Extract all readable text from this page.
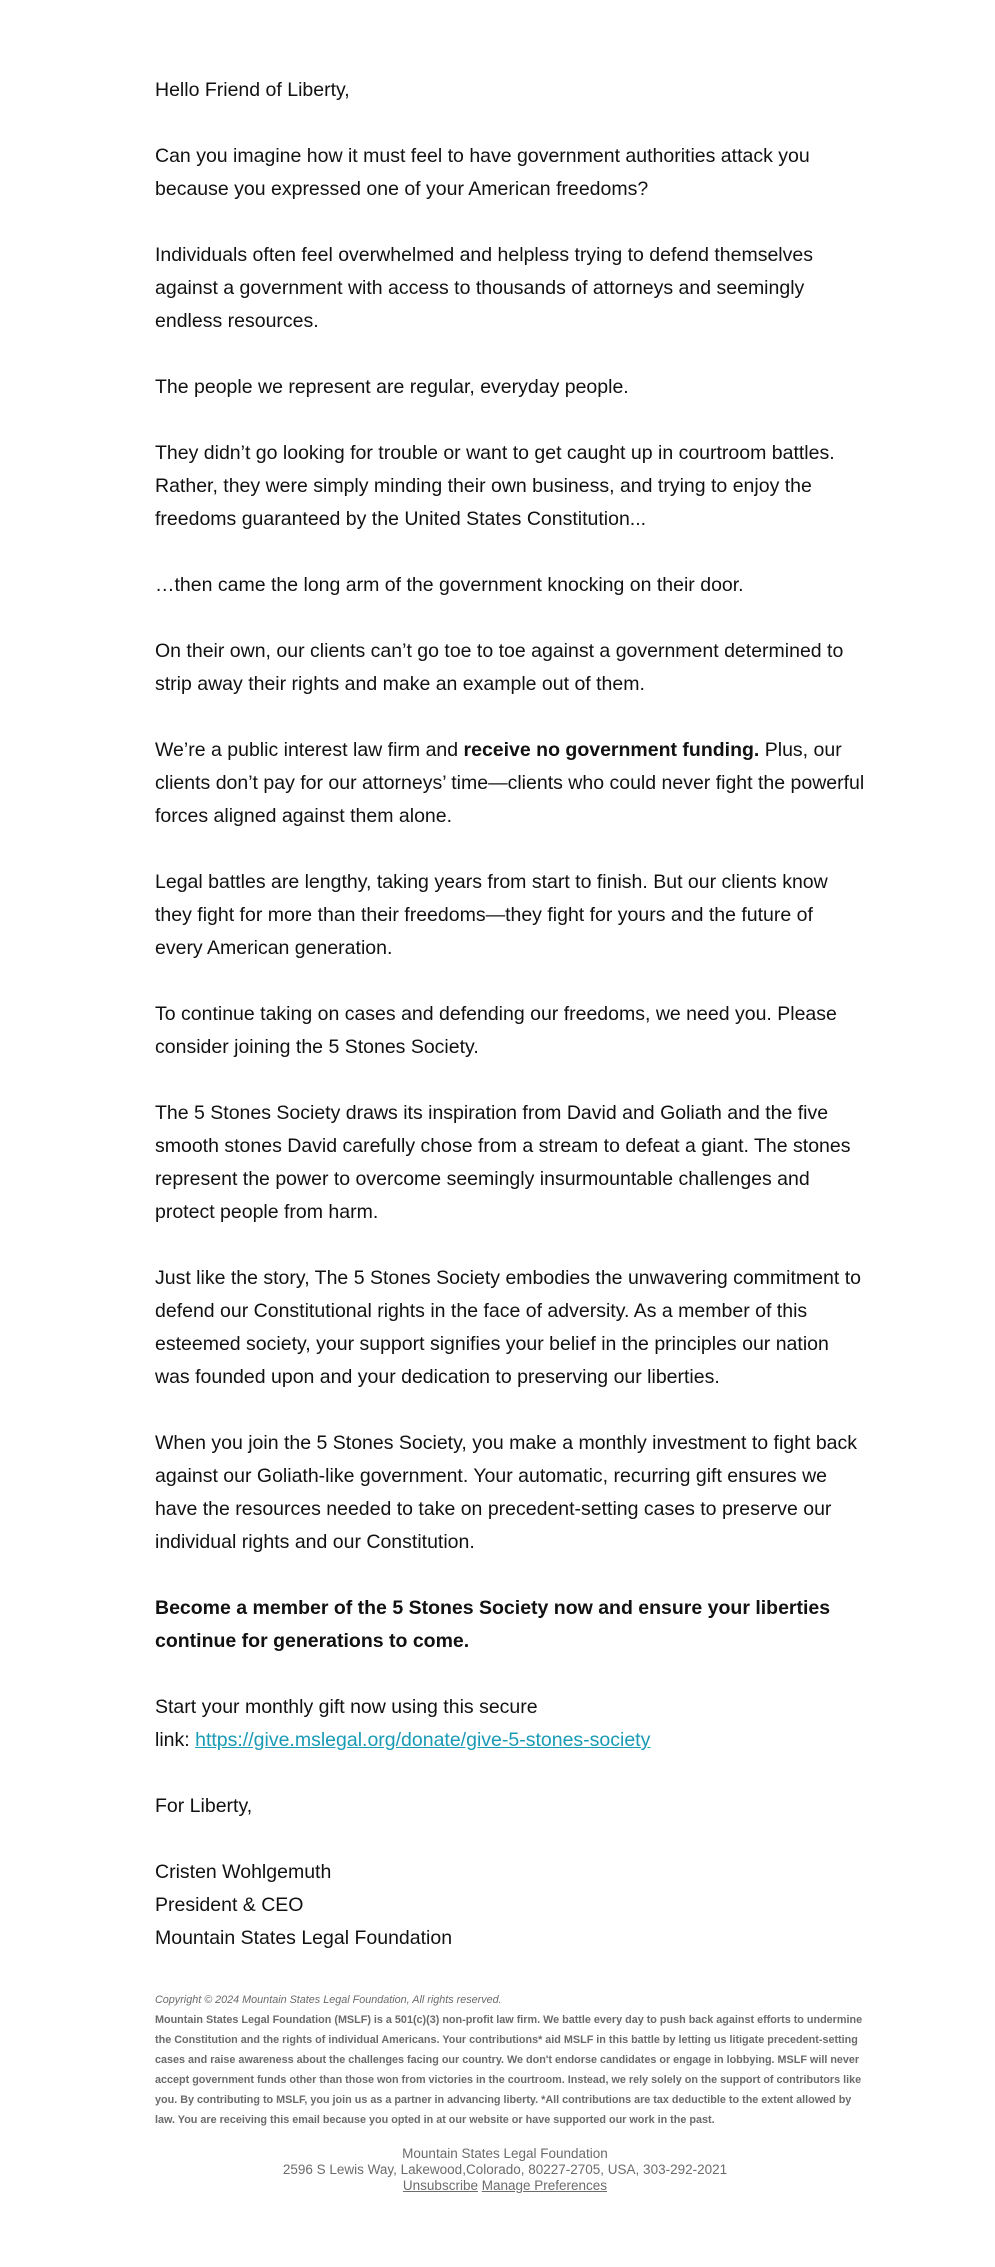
Hello Friend of Liberty,

Can you imagine how it must feel to have government authorities attack you because you expressed one of your American freedoms?

Individuals often feel overwhelmed and helpless trying to defend themselves against a government with access to thousands of attorneys and seemingly endless resources.

The people we represent are regular, everyday people.

They didn’t go looking for trouble or want to get caught up in courtroom battles. Rather, they were simply minding their own business, and trying to enjoy the freedoms guaranteed by the United States Constitution...

…then came the long arm of the government knocking on their door.

On their own, our clients can’t go toe to toe against a government determined to strip away their rights and make an example out of them.

We’re a public interest law firm and receive no government funding. Plus, our clients don’t pay for our attorneys’ time—clients who could never fight the powerful forces aligned against them alone.

Legal battles are lengthy, taking years from start to finish. But our clients know they fight for more than their freedoms—they fight for yours and the future of every American generation.

To continue taking on cases and defending our freedoms, we need you. Please consider joining the 5 Stones Society.

The 5 Stones Society draws its inspiration from David and Goliath and the five smooth stones David carefully chose from a stream to defeat a giant. The stones represent the power to overcome seemingly insurmountable challenges and protect people from harm.

Just like the story, The 5 Stones Society embodies the unwavering commitment to defend our Constitutional rights in the face of adversity. As a member of this esteemed society, your support signifies your belief in the principles our nation was founded upon and your dedication to preserving our liberties.

When you join the 5 Stones Society, you make a monthly investment to fight back against our Goliath-like government. Your automatic, recurring gift ensures we have the resources needed to take on precedent-setting cases to preserve our individual rights and our Constitution.

Become a member of the 5 Stones Society now and ensure your liberties continue for generations to come.

Start your monthly gift now using this secure
link: https://give.mslegal.org/donate/give-5-stones-society

For Liberty,

Cristen Wohlgemuth

President & CEO

Mountain States Legal Foundation

Copyright © 2024 Mountain States Legal Foundation, All rights reserved.
Mountain States Legal Foundation (MSLF) is a 501(c)(3) non-profit law firm. We battle every day to push back against efforts to undermine the Constitution and the rights of individual Americans. Your contributions* aid MSLF in this battle by letting us litigate precedent-setting cases and raise awareness about the challenges facing our country. We don't endorse candidates or engage in lobbying. MSLF will never accept government funds other than those won from victories in the courtroom. Instead, we rely solely on the support of contributors like you. By contributing to MSLF, you join us as a partner in advancing liberty. *All contributions are tax deductible to the extent allowed by law. You are receiving this email because you opted in at our website or have supported our work in the past.
Mountain States Legal Foundation
2596 S Lewis Way, Lakewood,Colorado, 80227-2705, USA, 303-292-2021
Unsubscribe Manage Preferences
